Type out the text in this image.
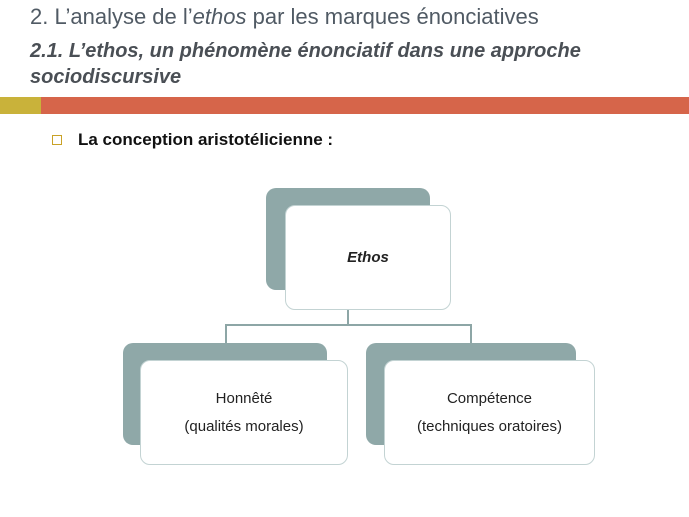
2. L’analyse de l’ethos par les marques énonciatives
2.1. L’ethos, un phénomène énonciatif dans une approche sociodiscursive
La conception aristotélicienne :
Ethos
Honnêté
(qualités morales)
Compétence
(techniques oratoires)
